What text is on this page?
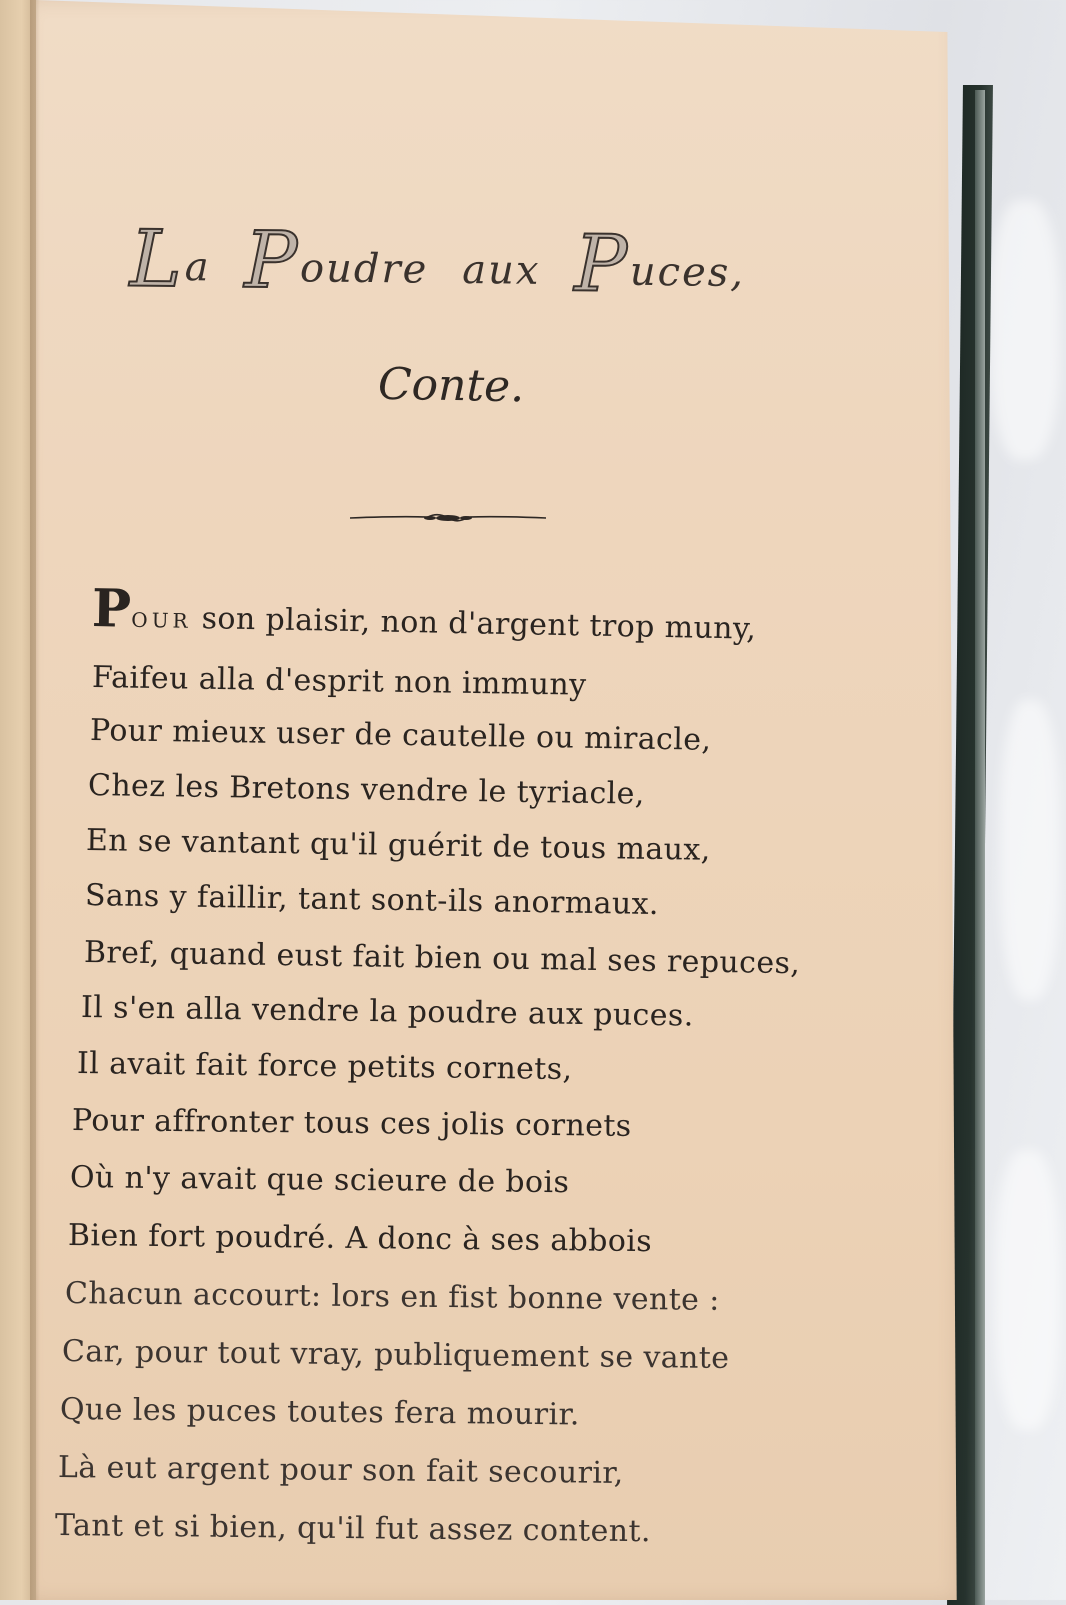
La Poudre aux Puces,
Conte.
POUR son plaisir, non d'argent trop muny,
Faifeu alla d'esprit non immuny
Pour mieux user de cautelle ou miracle,
Chez les Bretons vendre le tyriacle,
En se vantant qu'il guérit de tous maux,
Sans y faillir, tant sont-ils anormaux.
Bref, quand eust fait bien ou mal ses repuces,
Il s'en alla vendre la poudre aux puces.
Il avait fait force petits cornets,
Pour affronter tous ces jolis cornets
Où n'y avait que scieure de bois
Bien fort poudré. A donc à ses abbois
Chacun accourt: lors en fist bonne vente :
Car, pour tout vray, publiquement se vante
Que les puces toutes fera mourir.
Là eut argent pour son fait secourir,
Tant et si bien, qu'il fut assez content.
